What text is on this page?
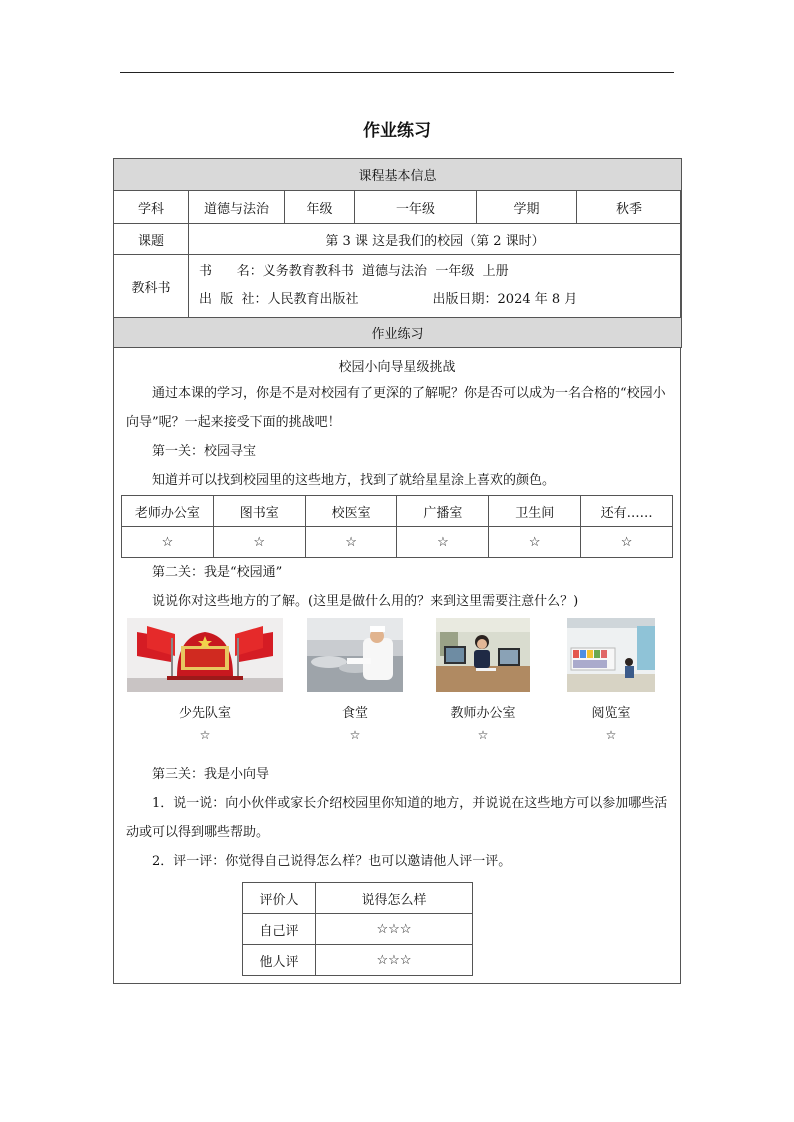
作业练习
课程基本信息					
学科	道德与法治	年级	一年级	学期	秋季
课题	第 3 课 这是我们的校园（第 2 课时）				
教科书	书      名：义务教育教科书  道德与法治  一年级  上册
出  版  社：人民教育出版社 出版日期：2024 年 8 月				

作业练习					
校园小向导星级挑战

通过本课的学习，你是不是对校园有了更深的了解呢？你是否可以成为一名合格的“校园小向导”呢？一起来接受下面的挑战吧！

第一关：校园寻宝

知道并可以找到校园里的这些地方，找到了就给星星涂上喜欢的颜色。

老师办公室	图书室	校医室	广播室	卫生间	还有……
☆	☆	☆	☆	☆	☆

第二关：我是“校园通”

说说你对这些地方的了解。(这里是做什么用的？来到这里需要注意什么？)

少先队室	食堂	教师办公室	阅览室
☆	☆	☆	☆

第三关：我是小向导

1．说一说：向小伙伴或家长介绍校园里你知道的地方，并说说在这些地方可以参加哪些活动或可以得到哪些帮助。

2．评一评：你觉得自己说得怎么样？也可以邀请他人评一评。

评价人	说得怎么样
自己评	☆☆☆
他人评	☆☆☆
